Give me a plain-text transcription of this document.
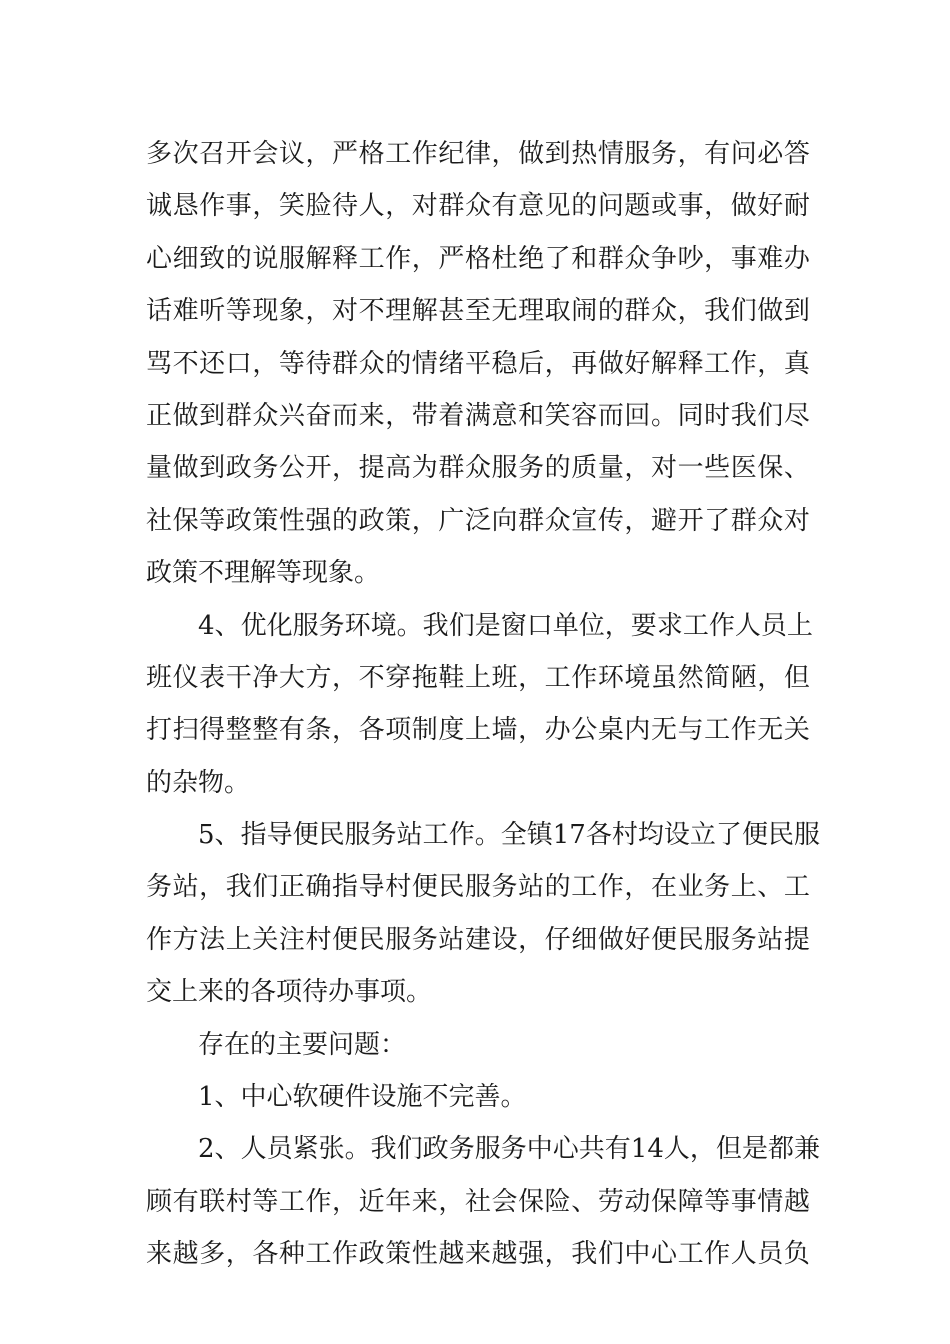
多 次 召 开 会 议 ， 严 格 工 作 纪 律 ， 做 到 热 情 服 务 ， 有 问 必 答
诚 恳 作 事 ， 笑 脸 待 人 ， 对 群 众 有 意 见 的 问 题 或 事 ， 做 好 耐
心 细 致 的 说 服 解 释 工 作 ， 严 格 杜 绝 了 和 群 众 争 吵 ， 事 难 办
话 难 听 等 现 象 ， 对 不 理 解 甚 至 无 理 取 闹 的 群 众 ， 我 们 做 到
骂 不 还 口 ， 等 待 群 众 的 情 绪 平 稳 后 ， 再 做 好 解 释 工 作 ， 真
正 做 到 群 众 兴 奋 而 来 ， 带 着 满 意 和 笑 容 而 回 。 同 时 我 们 尽
量 做 到 政 务 公 开 ， 提 高 为 群 众 服 务 的 质 量 ， 对 一 些 医 保 、
社 保 等 政 策 性 强 的 政 策 ， 广 泛 向 群 众 宣 传 ， 避 开 了 群 众 对
政策不理解等现象。
4 、 优 化 服 务 环 境 。 我 们 是 窗 口 单 位 ， 要 求 工 作 人 员 上
班 仪 表 干 净 大 方 ， 不 穿 拖 鞋 上 班 ， 工 作 环 境 虽 然 简 陋 ， 但
打 扫 得 整 整 有 条 ， 各 项 制 度 上 墙 ， 办 公 桌 内 无 与 工 作 无 关
的杂物。
5 、 指 导 便 民 服 务 站 工 作 。 全 镇 17 各 村 均 设 立 了 便 民 服
务 站 ， 我 们 正 确 指 导 村 便 民 服 务 站 的 工 作 ， 在 业 务 上 、 工
作 方 法 上 关 注 村 便 民 服 务 站 建 设 ， 仔 细 做 好 便 民 服 务 站 提
交上来的各项待办事项。
存在的主要问题：
1、中心软硬件设施不完善。
2 、 人 员 紧 张 。 我 们 政 务 服 务 中 心 共 有 14 人 ， 但 是 都 兼
顾 有 联 村 等 工 作 ， 近 年 来 ， 社 会 保 险 、 劳 动 保 障 等 事 情 越
来 越 多 ， 各 种 工 作 政 策 性 越 来 越 强 ， 我 们 中 心 工 作 人 员 负
